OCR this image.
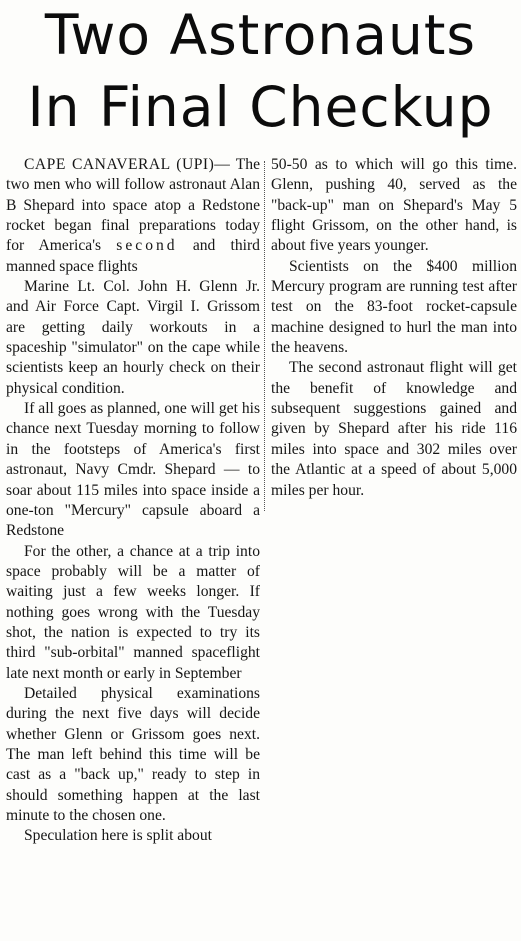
Two Astronauts
In Final Checkup

CAPE CANAVERAL (UPI)— The two men who will follow astronaut Alan B Shepard into space atop a Redstone rocket began final preparations today for America's second and third manned space flights

Marine Lt. Col. John H. Glenn Jr. and Air Force Capt. Virgil I. Grissom are getting daily workouts in a spaceship "simulator" on the cape while scientists keep an hourly check on their physical condition.

If all goes as planned, one will get his chance next Tuesday morning to follow in the footsteps of America's first astronaut, Navy Cmdr. Shepard — to soar about 115 miles into space inside a one-ton "Mercury" capsule aboard a Redstone

For the other, a chance at a trip into space probably will be a matter of waiting just a few weeks longer. If nothing goes wrong with the Tuesday shot, the nation is expected to try its third "sub-orbital" manned spaceflight late next month or early in September

Detailed physical examinations during the next five days will decide whether Glenn or Grissom goes next. The man left behind this time will be cast as a "back up," ready to step in should something happen at the last minute to the chosen one.

Speculation here is split about

50-50 as to which will go this time. Glenn, pushing 40, served as the "back-up" man on Shepard's May 5 flight Grissom, on the other hand, is about five years younger.

Scientists on the $400 million Mercury program are running test after test on the 83-foot rocket-capsule machine designed to hurl the man into the heavens.

The second astronaut flight will get the benefit of knowledge and subsequent suggestions gained and given by Shepard after his ride 116 miles into space and 302 miles over the Atlantic at a speed of about 5,000 miles per hour.
